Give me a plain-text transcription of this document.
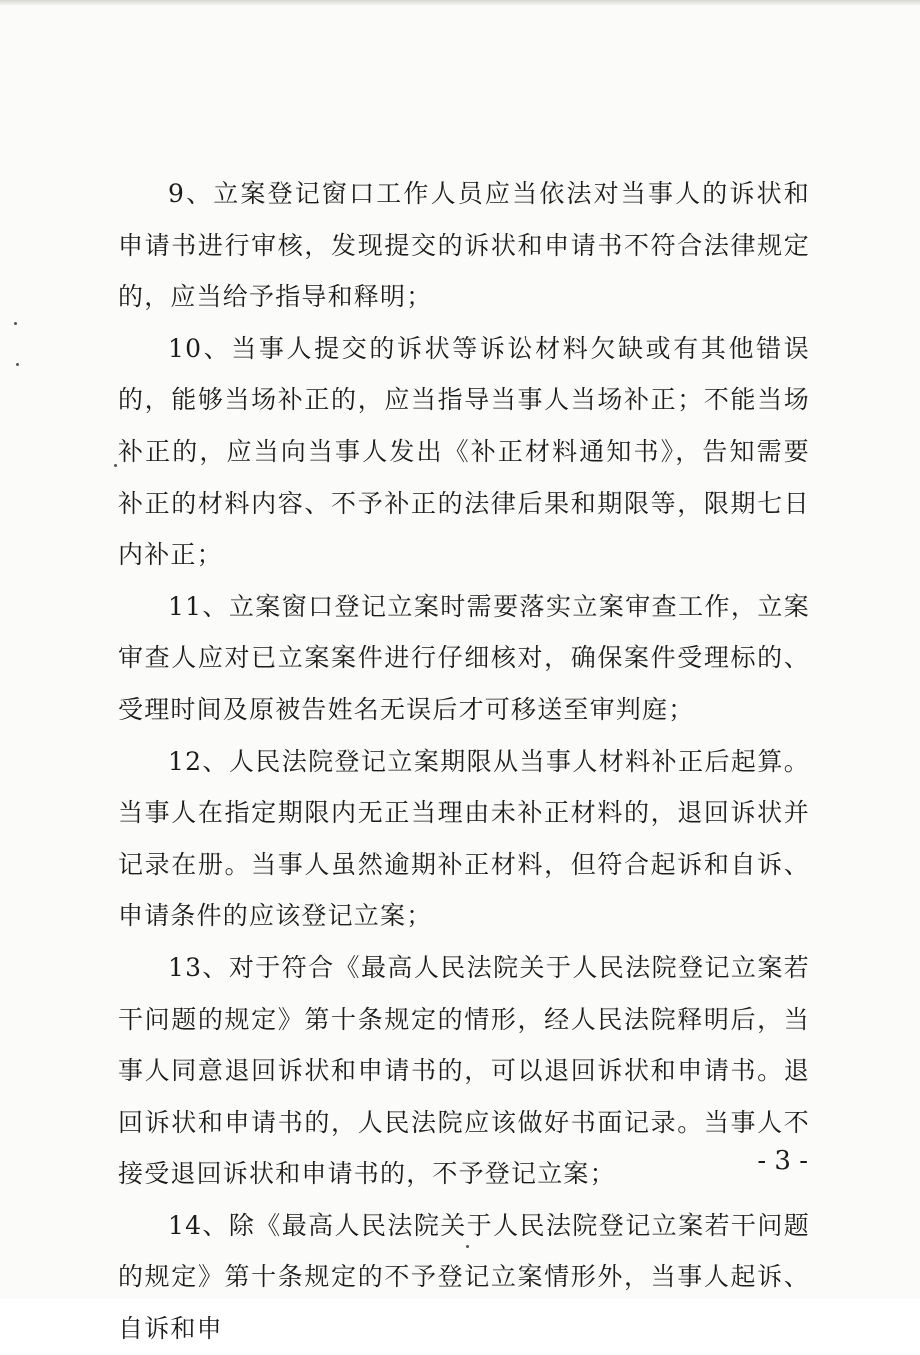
9、立案登记窗口工作人员应当依法对当事人的诉状和申请书进行审核，发现提交的诉状和申请书不符合法律规定的，应当给予指导和释明；

10、当事人提交的诉状等诉讼材料欠缺或有其他错误的，能够当场补正的，应当指导当事人当场补正；不能当场补正的，应当向当事人发出《补正材料通知书》，告知需要补正的材料内容、不予补正的法律后果和期限等，限期七日内补正；

11、立案窗口登记立案时需要落实立案审查工作，立案审查人应对已立案案件进行仔细核对，确保案件受理标的、受理时间及原被告姓名无误后才可移送至审判庭；

12、人民法院登记立案期限从当事人材料补正后起算。当事人在指定期限内无正当理由未补正材料的，退回诉状并记录在册。当事人虽然逾期补正材料，但符合起诉和自诉、申请条件的应该登记立案；

13、对于符合《最高人民法院关于人民法院登记立案若干问题的规定》第十条规定的情形，经人民法院释明后，当事人同意退回诉状和申请书的，可以退回诉状和申请书。退回诉状和申请书的，人民法院应该做好书面记录。当事人不接受退回诉状和申请书的，不予登记立案；

14、除《最高人民法院关于人民法院登记立案若干问题的规定》第十条规定的不予登记立案情形外，当事人起诉、自诉和申

- 3 -
